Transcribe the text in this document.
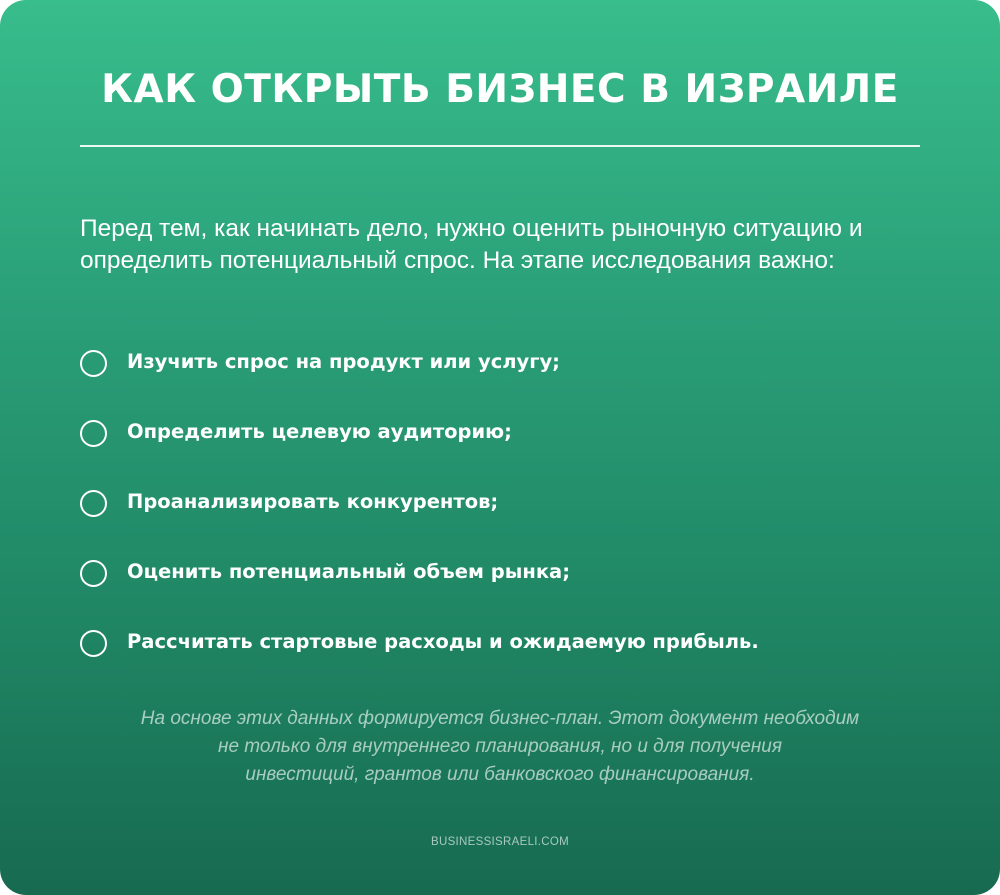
КАК ОТКРЫТЬ БИЗНЕС В ИЗРАИЛЕ

Перед тем, как начинать дело, нужно оценить рыночную ситуацию и определить потенциальный спрос. На этапе исследования важно:

Изучить спрос на продукт или услугу;
Определить целевую аудиторию;
Проанализировать конкурентов;
Оценить потенциальный объем рынка;
Рассчитать стартовые расходы и ожидаемую прибыль.

На основе этих данных формируется бизнес-план. Этот документ необходим
не только для внутреннего планирования, но и для получения
инвестиций, грантов или банковского финансирования.

BUSINESSISRAELI.COM
